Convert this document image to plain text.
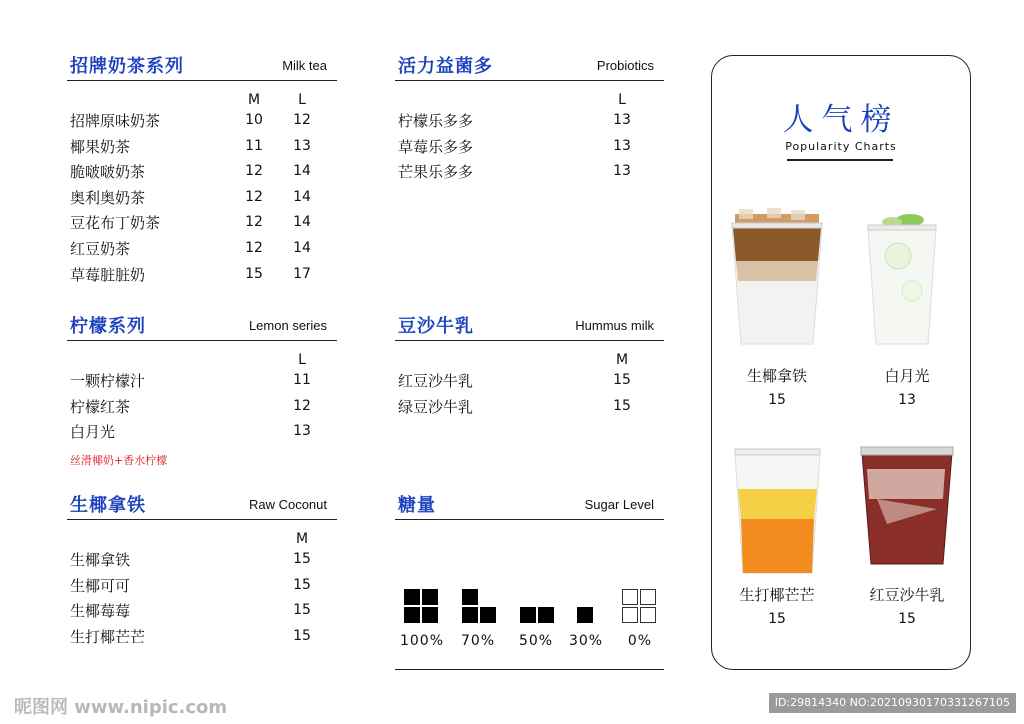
招牌奶茶系列	Milk tea
M	L
招牌原味奶茶	10	12
椰果奶茶	11	13
脆啵啵奶茶	12	14
奥利奥奶茶	12	14
豆花布丁奶茶	12	14
红豆奶茶	12	14
草莓脏脏奶	15	17
活力益菌多	Probiotics
L
柠檬乐多多	13
草莓乐多多	13
芒果乐多多	13
柠檬系列	Lemon series
L
一颗柠檬汁	11
柠檬红茶	12
白月光	13
丝滑椰奶+香水柠檬
豆沙牛乳	Hummus milk
M
红豆沙牛乳	15
绿豆沙牛乳	15
生椰拿铁	Raw Coconut
M
生椰拿铁	15
生椰可可	15
生椰莓莓	15
生打椰芒芒	15
糖量	Sugar Level
100%	70%	50%	30%	0%
人气榜
Popularity Charts
生椰拿铁
15
白月光
13
生打椰芒芒
15
红豆沙牛乳
15
昵图网 www.nipic.com	ID:29814340 NO:20210930170331267105
